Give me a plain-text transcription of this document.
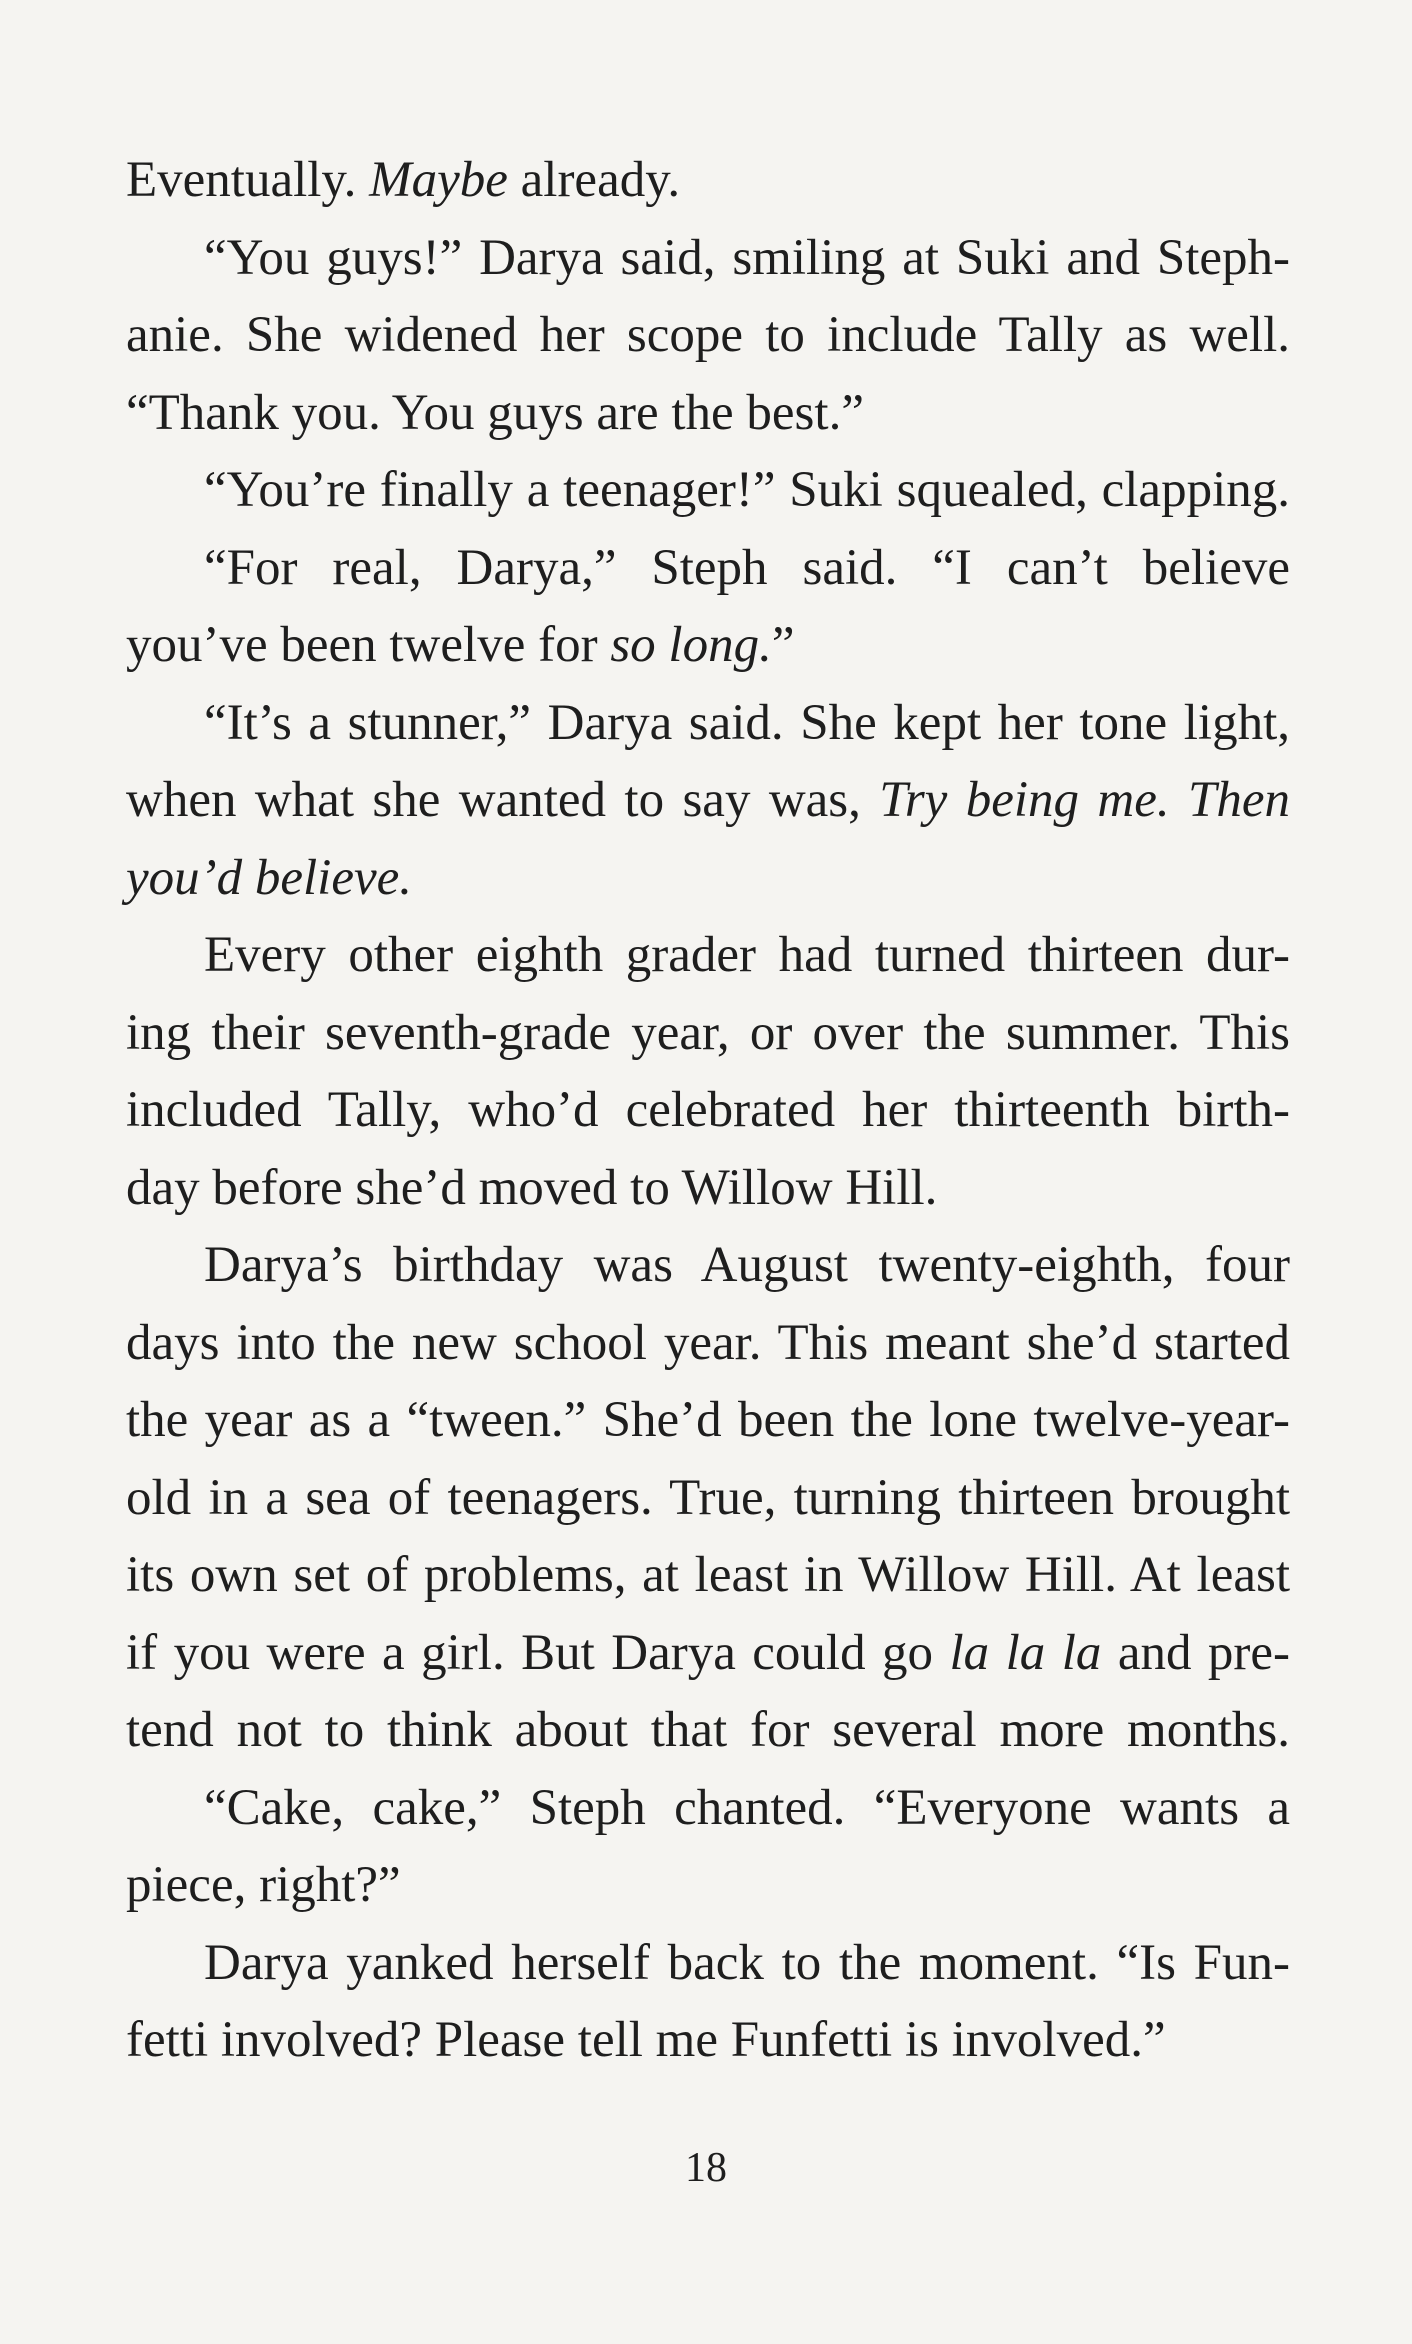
Eventually. Maybe already.
“You guys!” Darya said, smiling at Suki and Steph-
anie. She widened her scope to include Tally as well.
“Thank you. You guys are the best.”
“You’re finally a teenager!” Suki squealed, clapping.
“For real, Darya,” Steph said. “I can’t believe
you’ve been twelve for so long.”
“It’s a stunner,” Darya said. She kept her tone light,
when what she wanted to say was, Try being me. Then
you’d believe.
Every other eighth grader had turned thirteen dur-
ing their seventh-grade year, or over the summer. This
included Tally, who’d celebrated her thirteenth birth-
day before she’d moved to Willow Hill.
Darya’s birthday was August twenty-eighth, four
days into the new school year. This meant she’d started
the year as a “tween.” She’d been the lone twelve-year-
old in a sea of teenagers. True, turning thirteen brought
its own set of problems, at least in Willow Hill. At least
if you were a girl. But Darya could go la la la and pre-
tend not to think about that for several more months.
“Cake, cake,” Steph chanted. “Everyone wants a
piece, right?”
Darya yanked herself back to the moment. “Is Fun-
fetti involved? Please tell me Funfetti is involved.”
18
